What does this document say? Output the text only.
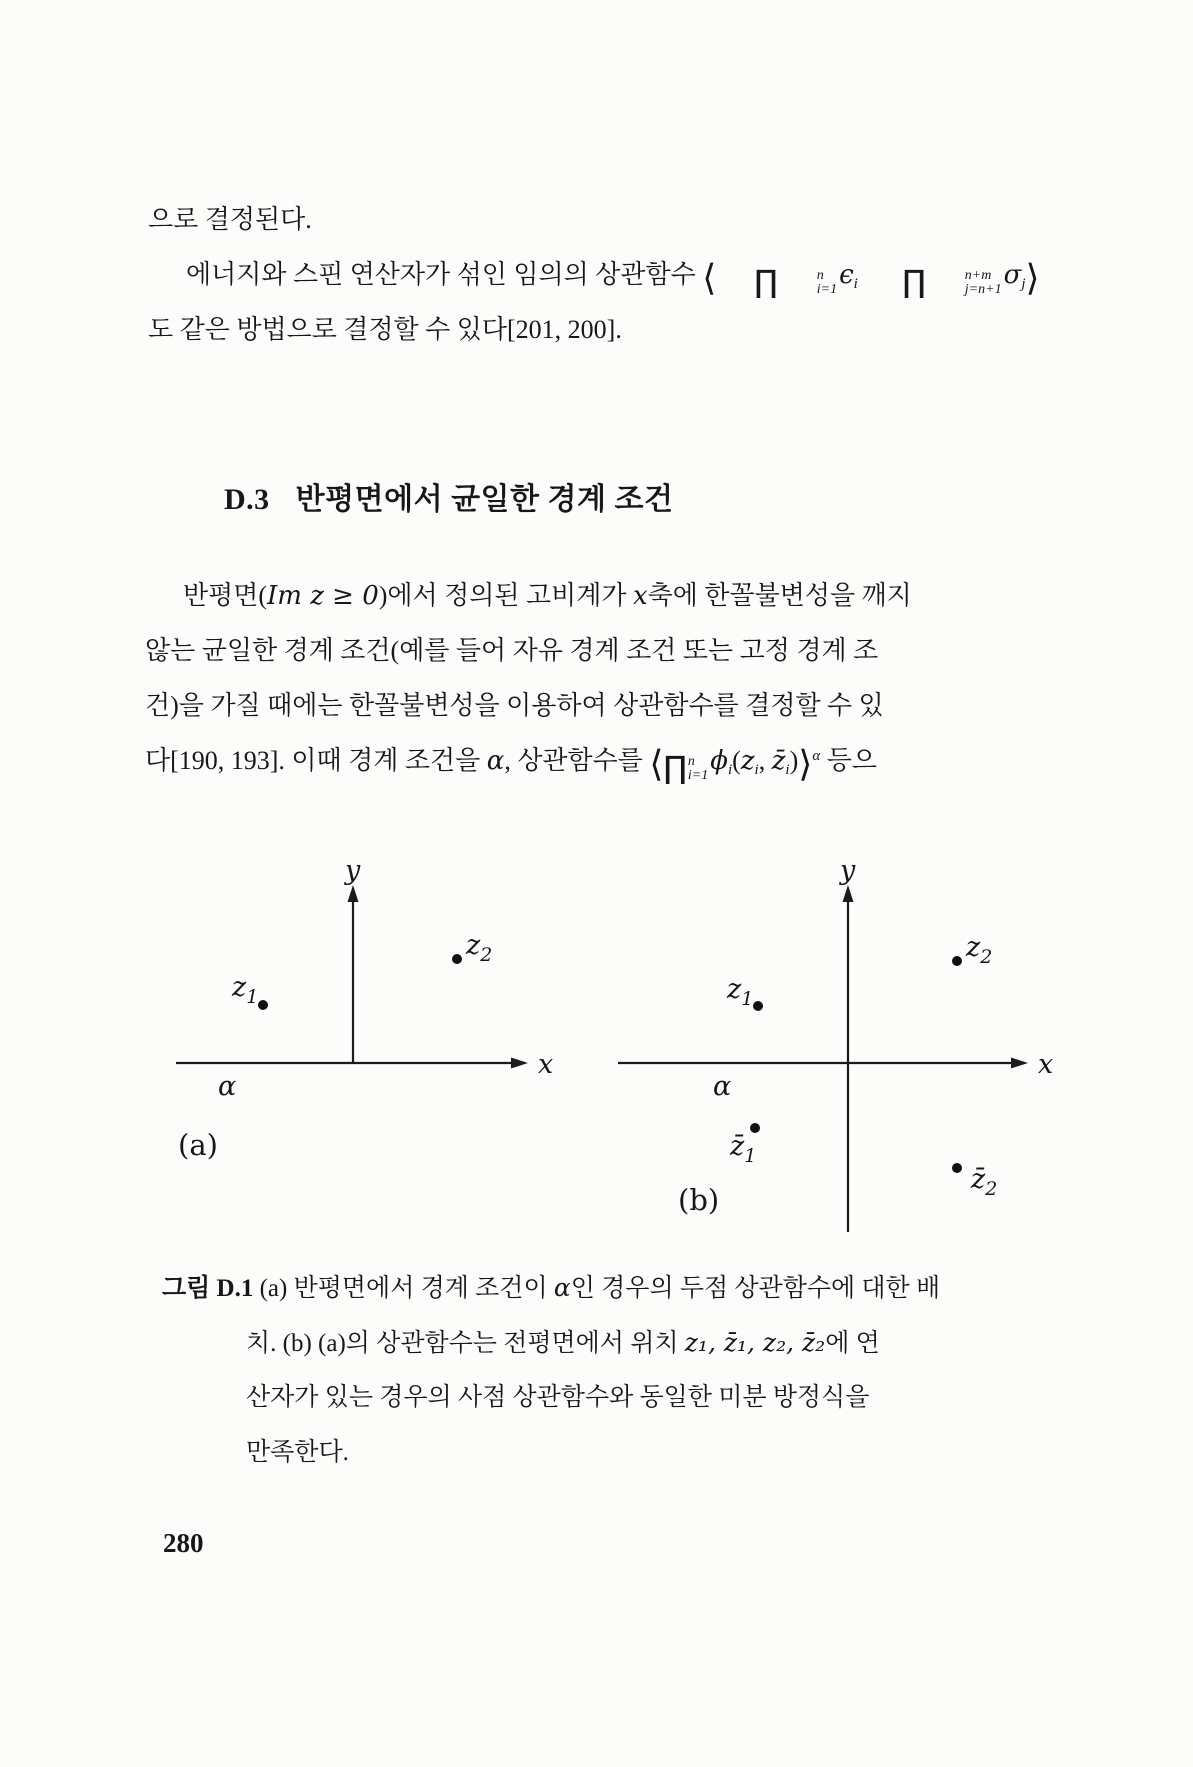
으로 결정된다.
에너지와 스핀 연산자가 섞인 임의의 상관함수 ⟨	∏	n
i=1 ϵi	∏	n+m
j=n+1 σj⟩
도 같은 방법으로 결정할 수 있다[201, 200].

D.3 반평면에서 균일한 경계 조건

반평면(Im z ≥ 0)에서 정의된 고비계가 x축에 한꼴불변성을 깨지
않는 균일한 경계 조건(예를 들어 자유 경계 조건 또는 고정 경계 조
건)을 가질 때에는 한꼴불변성을 이용하여 상관함수를 결정할 수 있
다[190, 193]. 이때 경계 조건을 α, 상관함수를 ⟨ ∏ n
i=1 ϕi(zi, z̄i)⟩$^\alpha$ 등으
y
x
$z_1$
$z_2$
α
(a)
y
x
$z_1$
$z_2$
$z̄_1$
$z̄_2$
α
(b)
그림 D.1 (a) 반평면에서 경계 조건이 α인 경우의 두점 상관함수에 대한 배
치. (b) (a)의 상관함수는 전평면에서 위치 z₁, z̄₁, z₂, z̄₂에 연
산자가 있는 경우의 사점 상관함수와 동일한 미분 방정식을
만족한다.
280
